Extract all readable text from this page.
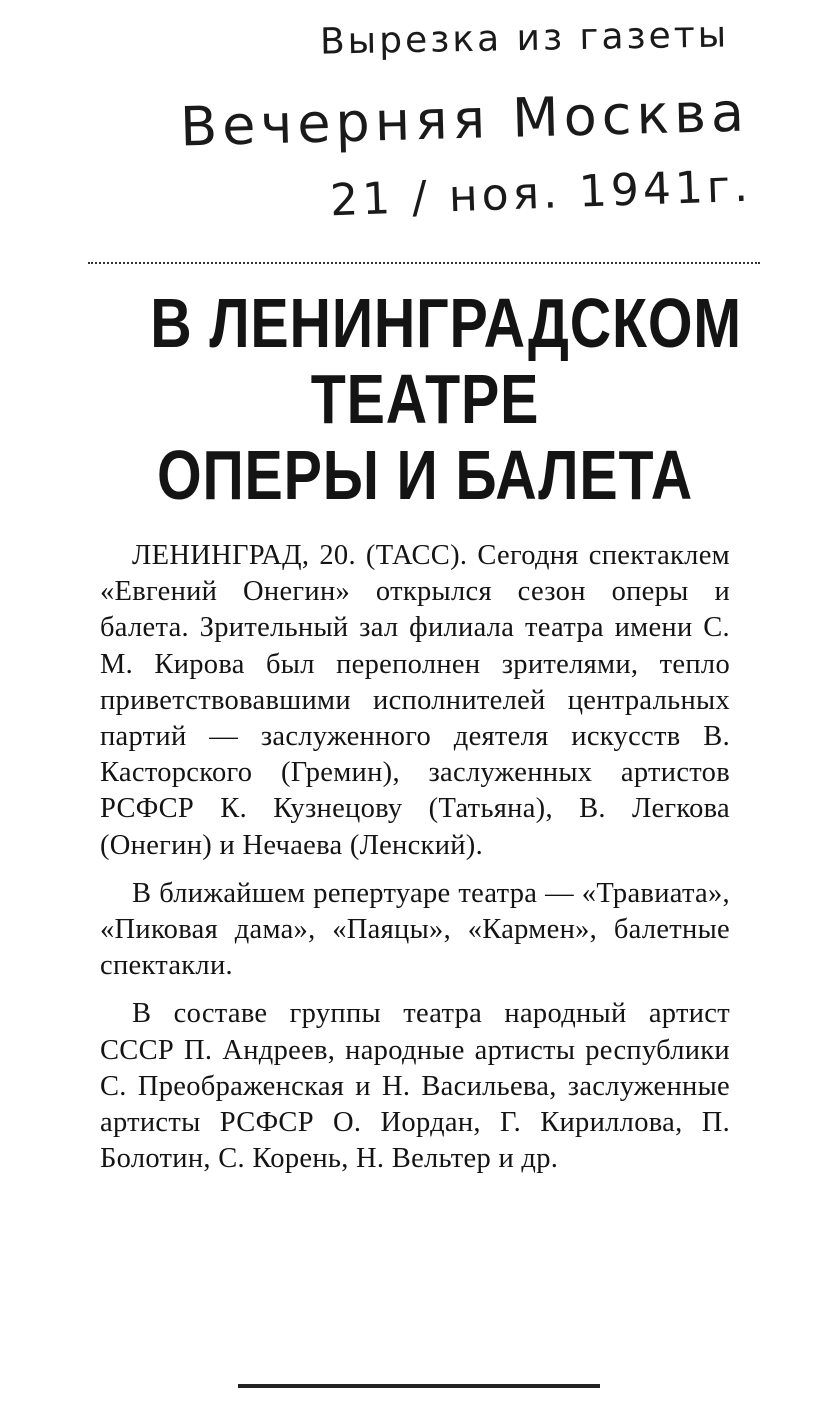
Вырезка из газеты
Вечерняя Москва
21 / ноя. 1941г.
В ЛЕНИНГРАДСКОМ
ТЕАТРЕ
ОПЕРЫ И БАЛЕТА

ЛЕНИНГРАД, 20. (ТАСС). Сегодня спектаклем «Евгений Онегин» открылся сезон оперы и балета. Зрительный зал филиала театра имени С. М. Кирова был переполнен зрителями, тепло приветствовавшими исполнителей центральных партий — заслуженного деятеля искусств В. Касторского (Гремин), заслуженных артистов РСФСР К. Кузнецову (Татьяна), В. Легкова (Онегин) и Нечаева (Ленский).

В ближайшем репертуаре театра — «Травиата», «Пиковая дама», «Паяцы», «Кармен», балетные спектакли.

В составе группы театра народный артист СССР П. Андреев, народные артисты республики С. Преображенская и Н. Васильева, заслуженные артисты РСФСР О. Иордан, Г. Кириллова, П. Болотин, С. Корень, Н. Вельтер и др.
